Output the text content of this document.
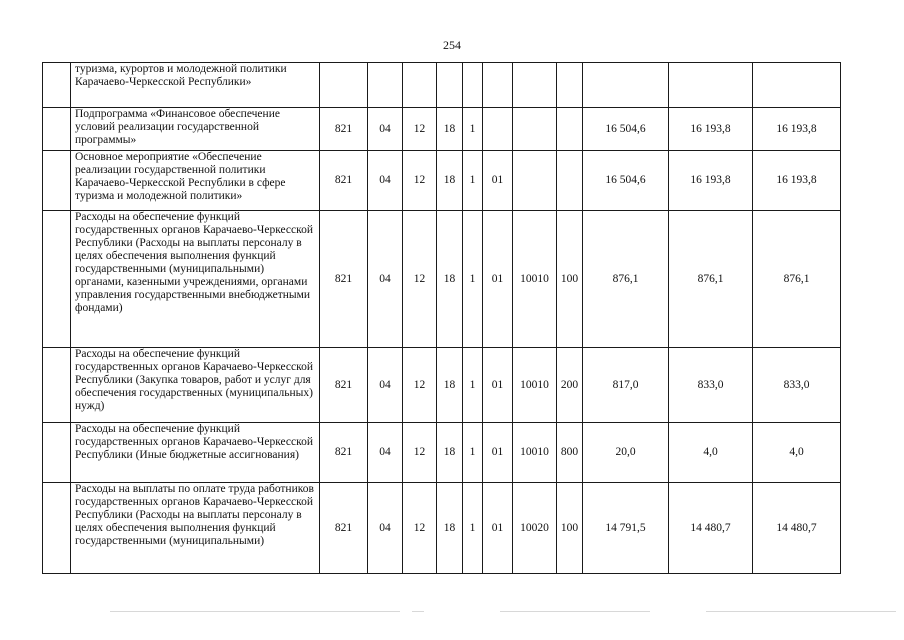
254
	туризма, курортов и молодежной политики Карачаево-Черкесской Республики»											
	Подпрограмма «Финансовое обеспечение условий реализации государственной программы»	821	04	12	18	1				16 504,6	16 193,8	16 193,8
	Основное мероприятие «Обеспечение реализации государственной политики Карачаево-Черкесской Республики в сфере туризма и молодежной политики»	821	04	12	18	1	01			16 504,6	16 193,8	16 193,8
	Расходы на обеспечение функций государственных органов Карачаево-Черкесской Республики (Расходы на выплаты персоналу в целях обеспечения выполнения функций государственными (муниципальными) органами, казенными учреждениями, органами управления государственными внебюджетными фондами)	821	04	12	18	1	01	10010	100	876,1	876,1	876,1
	Расходы на обеспечение функций государственных органов Карачаево-Черкесской Республики (Закупка товаров, работ и услуг для обеспечения государственных (муниципальных) нужд)	821	04	12	18	1	01	10010	200	817,0	833,0	833,0
	Расходы на обеспечение функций государственных органов Карачаево-Черкесской Республики (Иные бюджетные ассигнования)	821	04	12	18	1	01	10010	800	20,0	4,0	4,0
	Расходы на выплаты по оплате труда работников государственных органов Карачаево-Черкесской Республики (Расходы на выплаты персоналу в целях обеспечения выполнения функций государственными (муниципальными)	821	04	12	18	1	01	10020	100	14 791,5	14 480,7	14 480,7
